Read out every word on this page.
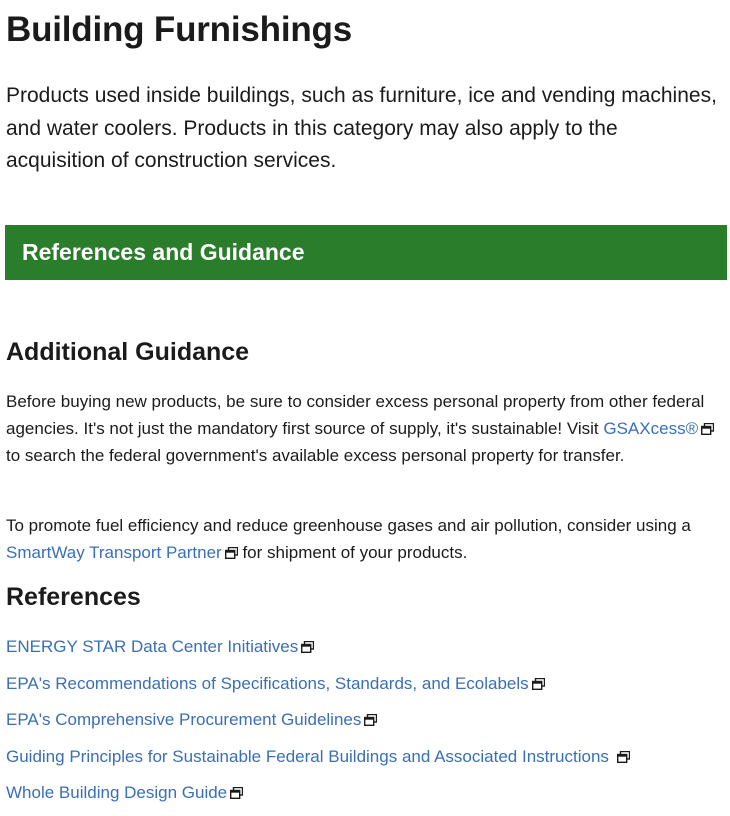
Building Furnishings

Products used inside buildings, such as furniture, ice and vending machines, and water coolers. Products in this category may also apply to the acquisition of construction services.

References and Guidance
Additional Guidance

Before buying new products, be sure to consider excess personal property from other federal agencies. It's not just the mandatory first source of supply, it's sustainable! Visit GSAXcess®
to search the federal government's available excess personal property for transfer.

To promote fuel efficiency and reduce greenhouse gases and air pollution, consider using a SmartWay Transport Partner
for shipment of your products.

References
ENERGY STAR Data Center Initiatives
EPA's Recommendations of Specifications, Standards, and Ecolabels
EPA's Comprehensive Procurement Guidelines
Guiding Principles for Sustainable Federal Buildings and Associated Instructions
Whole Building Design Guide
